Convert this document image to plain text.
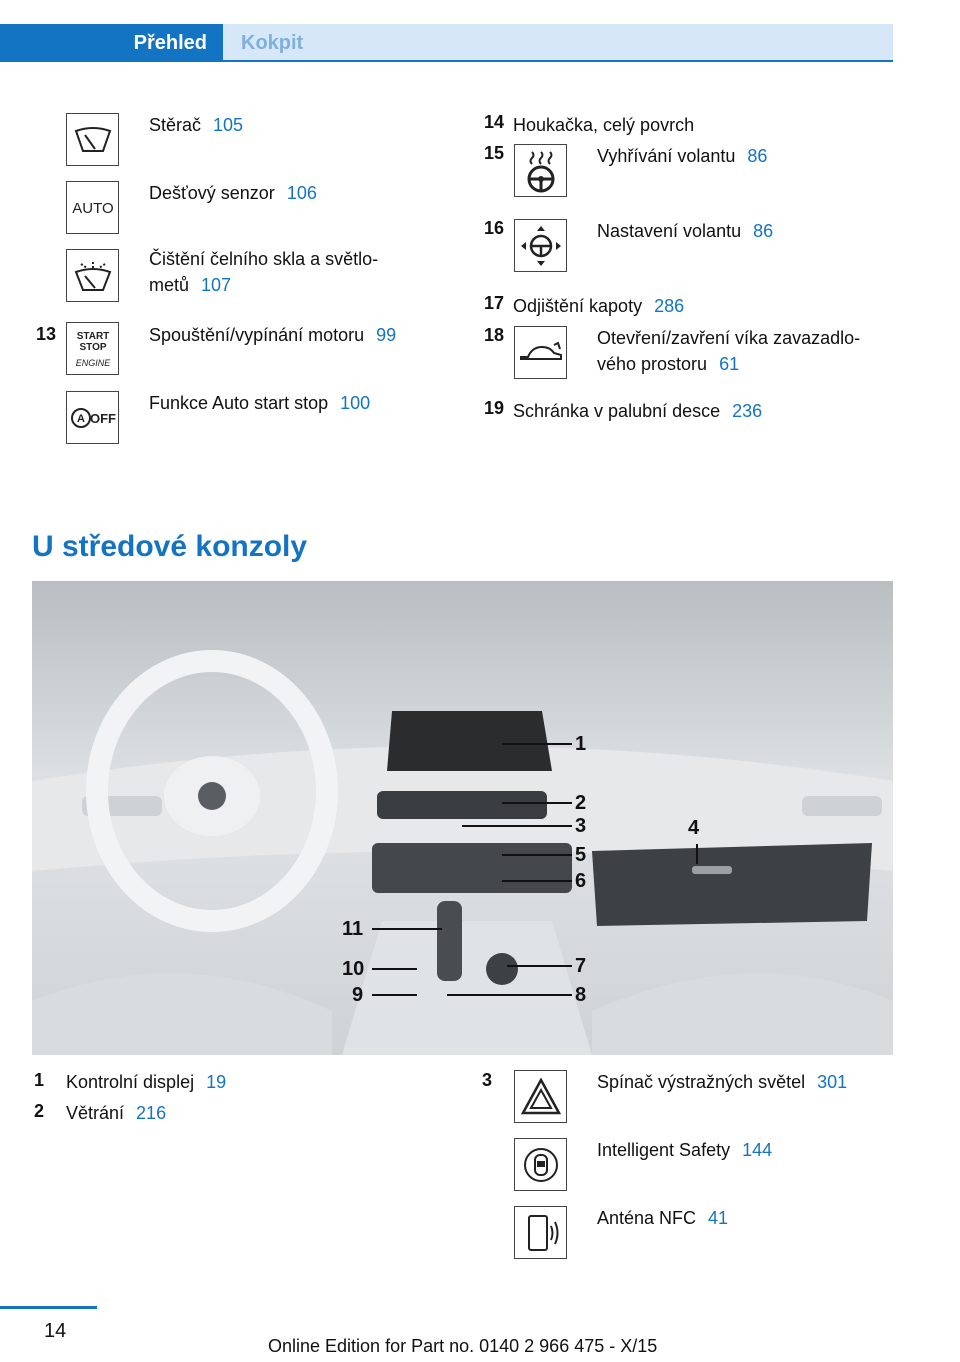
Přehled	Kokpit
Stěrač 105
AUTO
Dešťový senzor 106
Čištění čelního skla a světlo-
metů 107
13 START
STOP
ENGINE
Spouštění/vypínání motoru 99
A OFF
Funkce Auto start stop 100
14 Houkačka, celý povrch
15	Vyhřívání volantu 86
16	Nastavení volantu 86
17 Odjištění kapoty 286
18	Otevření/zavření víka zavazadlo-
vého prostoru 61
19 Schránka v palubní desce 236
U středové konzoly
1
2
3	4
5
6
7
8
9
10
11
1 Kontrolní displej 19
2 Větrání 216
3	Spínač výstražných světel 301
Intelligent Safety 144
Anténa NFC 41
14
Online Edition for Part no. 0140 2 966 475 - X/15
